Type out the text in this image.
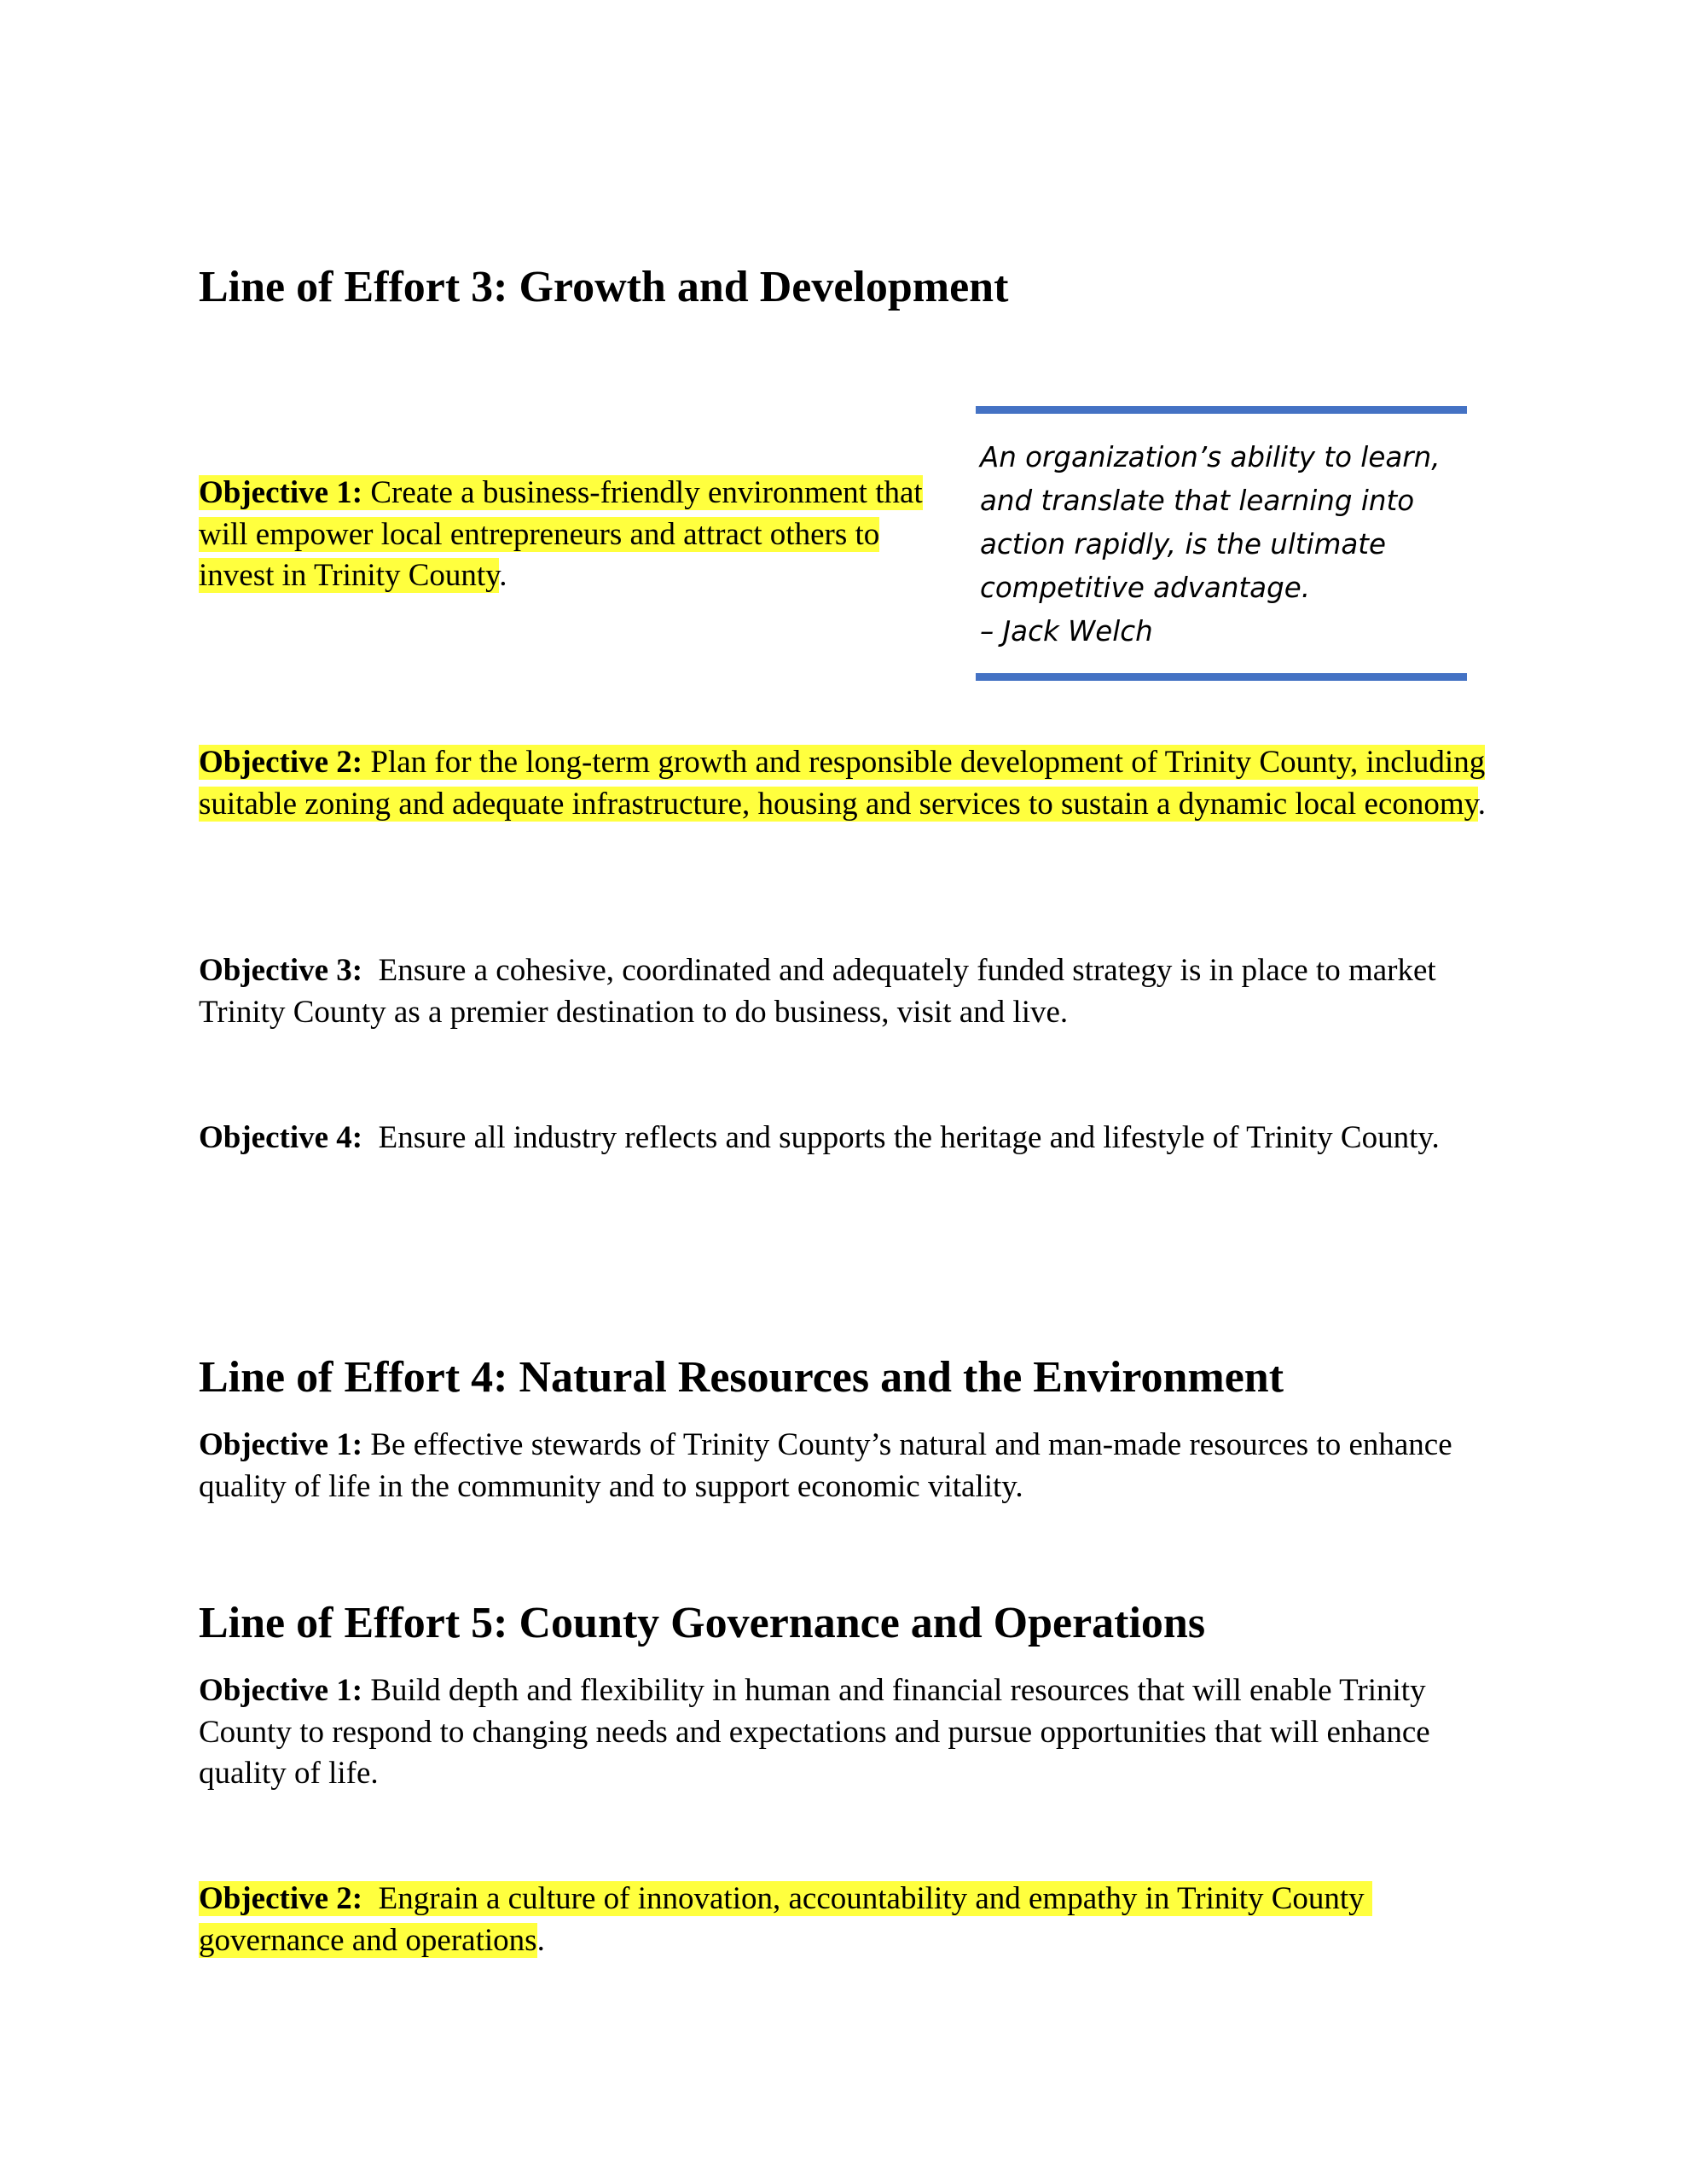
Line of Effort 3: Growth and Development

Objective 1: Create a business-friendly environment that will empower local entrepreneurs and attract others to invest in Trinity County.

An organization’s ability to learn,
and translate that learning into
action rapidly, is the ultimate
competitive advantage.
– Jack Welch

Objective 2: Plan for the long-term growth and responsible development of Trinity County, including suitable zoning and adequate infrastructure, housing and services to sustain a dynamic local economy.

Objective 3:  Ensure a cohesive, coordinated and adequately funded strategy is in place to market Trinity County as a premier destination to do business, visit and live.

Objective 4:  Ensure all industry reflects and supports the heritage and lifestyle of Trinity County.

Line of Effort 4: Natural Resources and the Environment

Objective 1: Be effective stewards of Trinity County’s natural and man-made resources to enhance quality of life in the community and to support economic vitality.

Line of Effort 5: County Governance and Operations

Objective 1: Build depth and flexibility in human and financial resources that will enable Trinity County to respond to changing needs and expectations and pursue opportunities that will enhance quality of life.

Objective 2:  Engrain a culture of innovation, accountability and empathy in Trinity County governance and operations.
